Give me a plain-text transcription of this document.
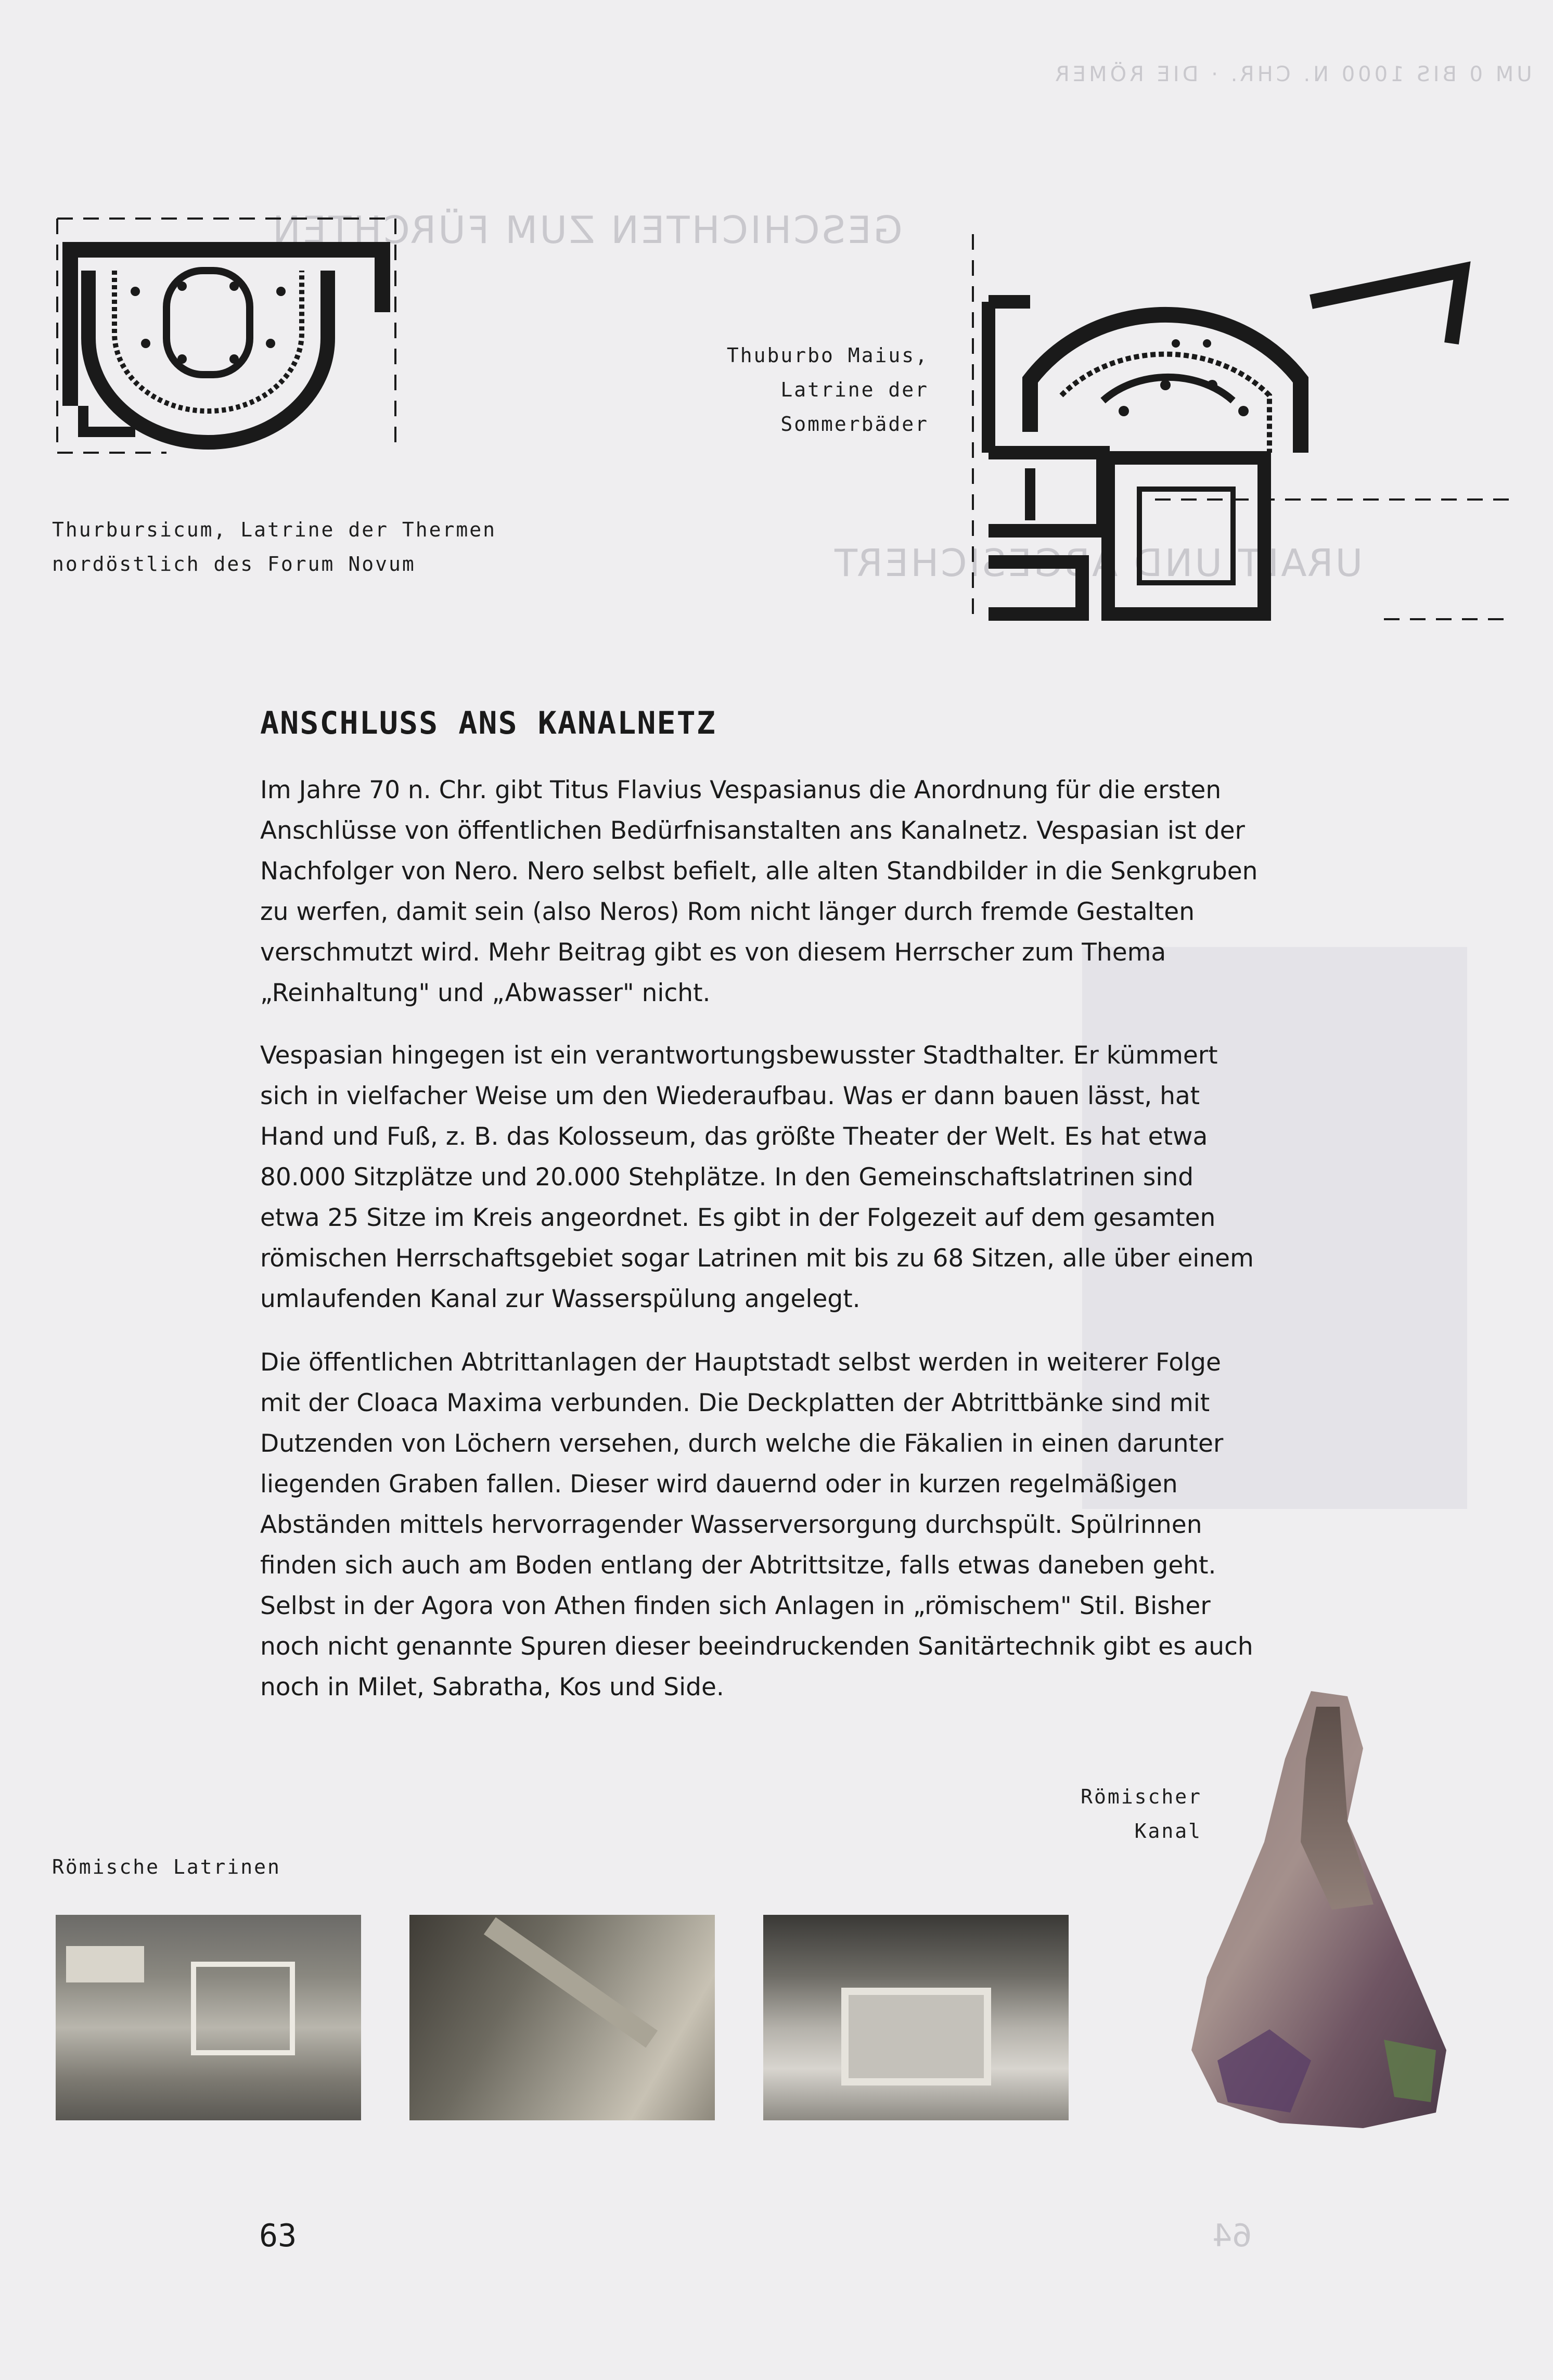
UM 0 BIS 1000 N. CHR. · DIE RÖMER
GESCHICHTEN ZUM FÜRCHTEN
URALT UND ABGESICHERT
64
Thurbursicum, Latrine der Thermen
nordöstlich des Forum Novum
Thuburbo Maius,
Latrine der
Sommerbäder
ANSCHLUSS ANS KANALNETZ

Im Jahre 70 n. Chr. gibt Titus Flavius Vespasianus die Anordnung für die ersten Anschlüsse von öffentlichen Bedürfnisanstalten ans Kanalnetz. Vespasian ist der Nachfolger von Nero. Nero selbst befielt, alle alten Standbilder in die Senkgruben zu werfen, damit sein (also Neros) Rom nicht länger durch fremde Gestalten verschmutzt wird. Mehr Beitrag gibt es von diesem Herrscher zum Thema „Reinhaltung" und „Abwasser" nicht.

Vespasian hingegen ist ein verantwortungsbewusster Stadthalter. Er kümmert sich in vielfacher Weise um den Wiederaufbau. Was er dann bauen lässt, hat Hand und Fuß, z. B. das Kolosseum, das größte Theater der Welt. Es hat etwa 80.000 Sitzplätze und 20.000 Stehplätze. In den Gemeinschaftslatrinen sind etwa 25 Sitze im Kreis angeordnet. Es gibt in der Folgezeit auf dem gesamten römischen Herrschaftsgebiet sogar Latrinen mit bis zu 68 Sitzen, alle über einem umlaufenden Kanal zur Wasserspülung angelegt.

Die öffentlichen Abtrittanlagen der Hauptstadt selbst werden in weiterer Folge mit der Cloaca Maxima verbunden. Die Deckplatten der Abtrittbänke sind mit Dutzenden von Löchern versehen, durch welche die Fäkalien in einen darunter liegenden Graben fallen. Dieser wird dauernd oder in kurzen regelmäßigen Abständen mittels hervorragender Wasserversorgung durchspült. Spülrinnen finden sich auch am Boden entlang der Abtrittsitze, falls etwas daneben geht. Selbst in der Agora von Athen finden sich Anlagen in „römischem" Stil. Bisher noch nicht genannte Spuren dieser beeindruckenden Sanitärtechnik gibt es auch noch in Milet, Sabratha, Kos und Side.

Römische Latrinen
Römischer
Kanal
63
